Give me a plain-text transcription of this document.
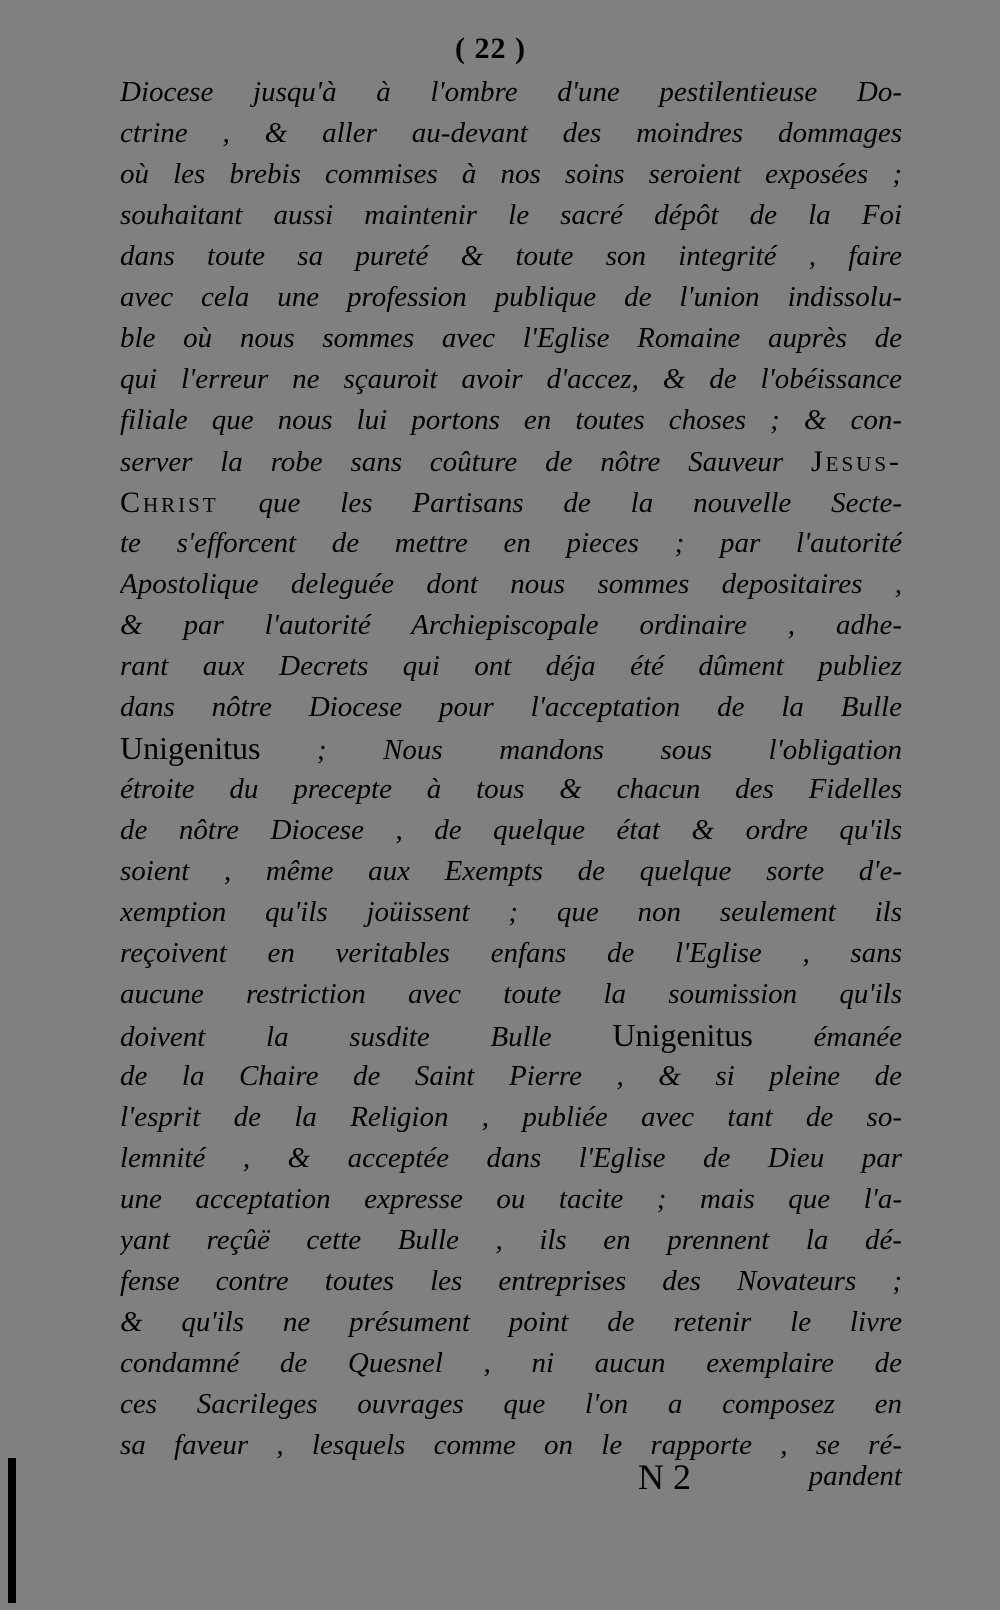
( 22 )
Diocese jusqu'à à l'ombre d'une pestilentieuse Do-
ctrine , & aller au-devant des moindres dommages
où les brebis commises à nos soins seroient exposées ;
souhaitant aussi maintenir le sacré dépôt de la Foi
dans toute sa pureté & toute son integrité , faire
avec cela une profession publique de l'union indissolu-
ble où nous sommes avec l'Eglise Romaine auprès de
qui l'erreur ne sçauroit avoir d'accez, & de l'obéissance
filiale que nous lui portons en toutes choses ; & con-
server la robe sans coûture de nôtre Sauveur Jesus-
Christ que les Partisans de la nouvelle Secte-
te s'efforcent de mettre en pieces ; par l'autorité
Apostolique deleguée dont nous sommes depositaires ,
& par l'autorité Archiepiscopale ordinaire , adhe-
rant aux Decrets qui ont déja été dûment publiez
dans nôtre Diocese pour l'acceptation de la Bulle
Unigenitus ; Nous mandons sous l'obligation
étroite du precepte à tous & chacun des Fidelles
de nôtre Diocese , de quelque état & ordre qu'ils
soient , même aux Exempts de quelque sorte d'e-
xemption qu'ils joüissent ; que non seulement ils
reçoivent en veritables enfans de l'Eglise , sans
aucune restriction avec toute la soumission qu'ils
doivent la susdite Bulle Unigenitus émanée
de la Chaire de Saint Pierre , & si pleine de
l'esprit de la Religion , publiée avec tant de so-
lemnité , & acceptée dans l'Eglise de Dieu par
une acceptation expresse ou tacite ; mais que l'a-
yant reçûë cette Bulle , ils en prennent la dé-
fense contre toutes les entreprises des Novateurs ;
& qu'ils ne présument point de retenir le livre
condamné de Quesnel , ni aucun exemplaire de
ces Sacrileges ouvrages que l'on a composez en
sa faveur , lesquels comme on le rapporte , se ré-
N 2	pandent
